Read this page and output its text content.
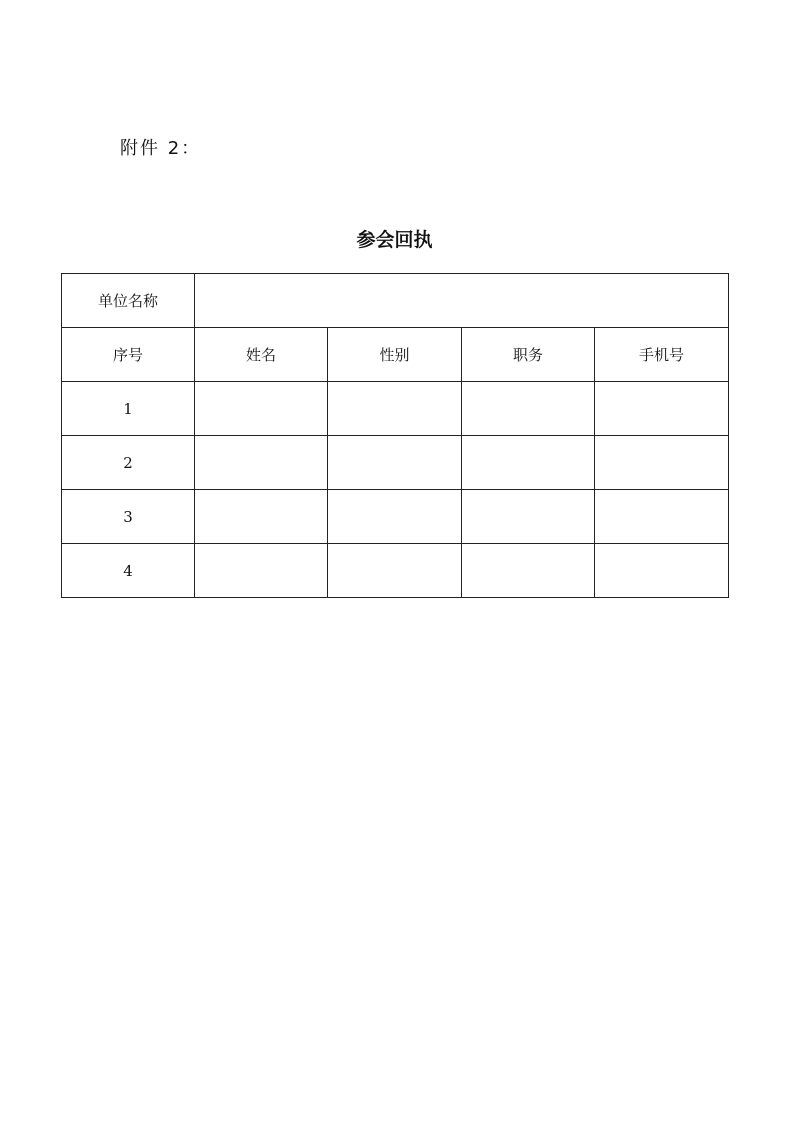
附件 2：
参会回执
单位名称	
序号	姓名	性别	职务	手机号
1				
2				
3				
4				
